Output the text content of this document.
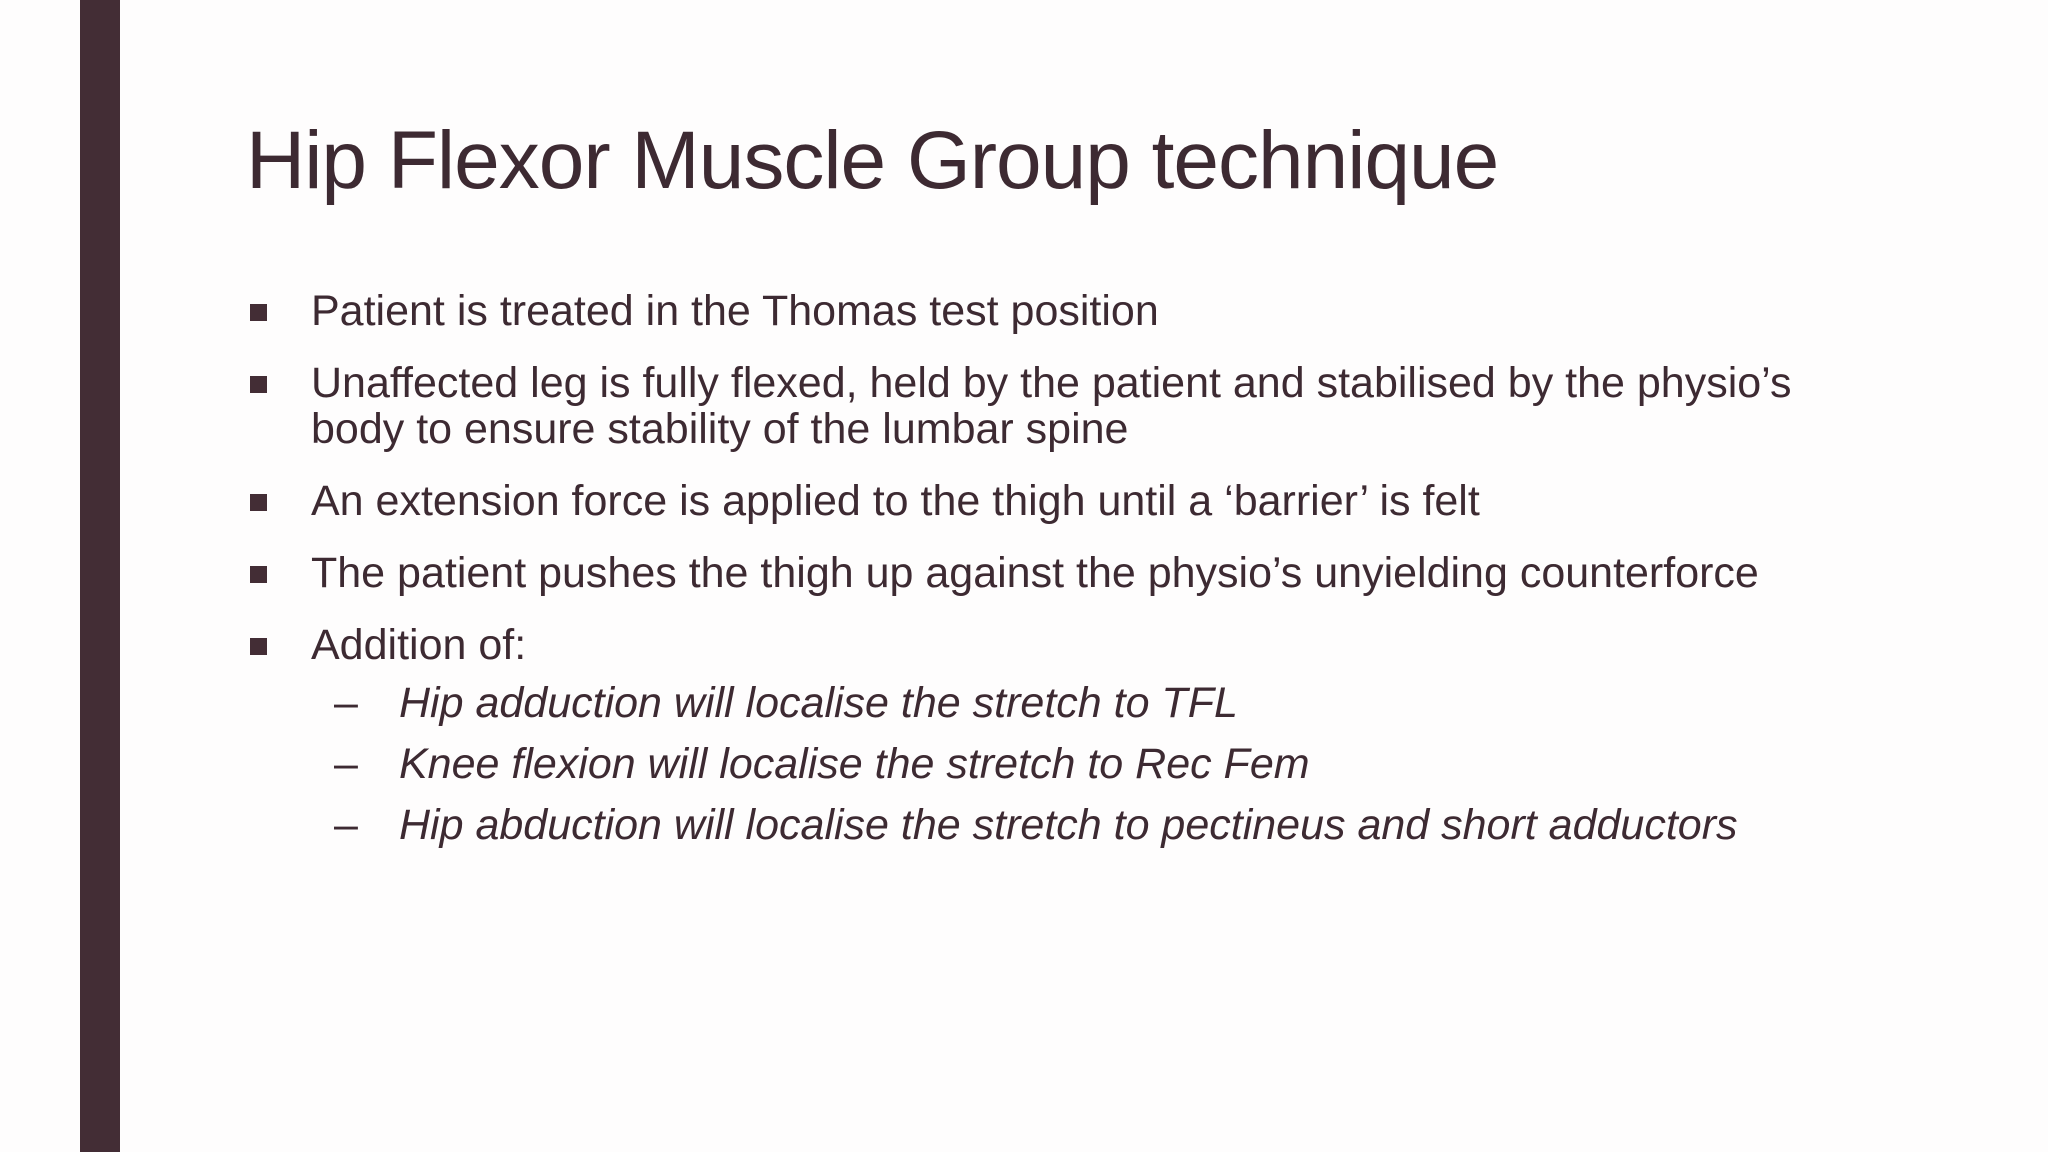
Hip Flexor Muscle Group technique
Patient is treated in the Thomas test position
Unaffected leg is fully flexed, held by the patient and stabilised by the physio’s body to ensure stability of the lumbar spine
An extension force is applied to the thigh until a ‘barrier’ is felt
The patient pushes the thigh up against the physio’s unyielding counterforce
Addition of:
– Hip adduction will localise the stretch to TFL
– Knee flexion will localise the stretch to Rec Fem
– Hip abduction will localise the stretch to pectineus and short adductors
